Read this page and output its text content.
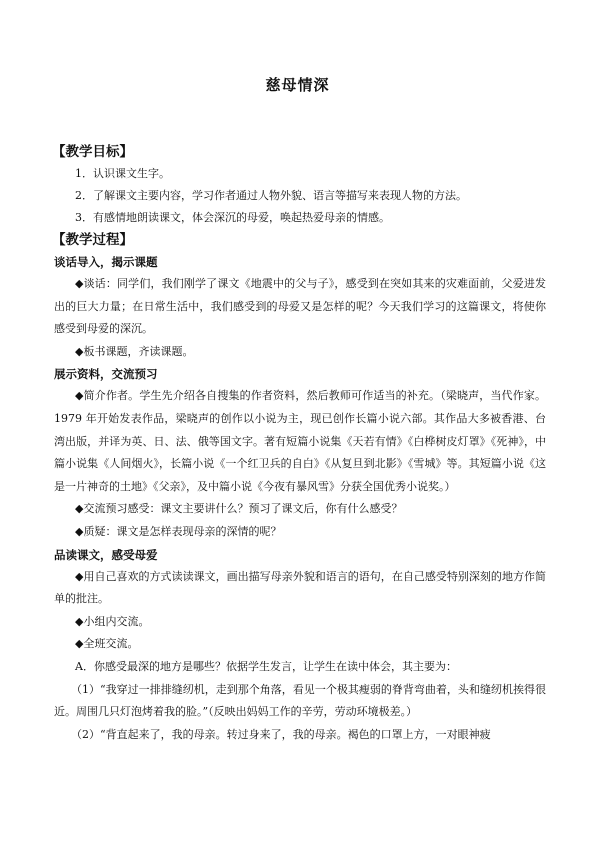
慈母情深
【教学目标】
1．认识课文生字。
2．了解课文主要内容，学习作者通过人物外貌、语言等描写来表现人物的方法。
3．有感情地朗读课文，体会深沉的母爱，唤起热爱母亲的情感。
【教学过程】
谈话导入，揭示课题
◆谈话：同学们，我们刚学了课文《地震中的父与子》，感受到在突如其来的灾难面前，父爱进发出的巨大力量；在日常生活中，我们感受到的母爱又是怎样的呢？今天我们学习的这篇课文，将使你感受到母爱的深沉。
◆板书课题，齐读课题。
展示资料，交流预习
◆简介作者。学生先介绍各自搜集的作者资料，然后教师可作适当的补充。（梁晓声，当代作家。1979 年开始发表作品，梁晓声的创作以小说为主，现已创作长篇小说六部。其作品大多被香港、台湾出版，并译为英、日、法、俄等国文字。著有短篇小说集《天若有情》《白桦树皮灯罩》《死神》，中篇小说集《人间烟火》，长篇小说《一个红卫兵的自白》《从复旦到北影》《雪城》等。其短篇小说《这是一片神奇的土地》《父亲》，及中篇小说《今夜有暴风雪》分获全国优秀小说奖。）
◆交流预习感受：课文主要讲什么？预习了课文后，你有什么感受？
◆质疑：课文是怎样表现母亲的深情的呢？
品读课文，感受母爱
◆用自己喜欢的方式读读课文，画出描写母亲外貌和语言的语句，在自己感受特别深刻的地方作简单的批注。
◆小组内交流。
◆全班交流。
A．你感受最深的地方是哪些？依据学生发言，让学生在读中体会，其主要为：
（1）“我穿过一排排缝纫机，走到那个角落，看见一个极其瘦弱的脊背弯曲着，头和缝纫机挨得很近。周围几只灯泡烤着我的脸。”（反映出妈妈工作的辛劳，劳动环境极差。）
（2）“背直起来了，我的母亲。转过身来了，我的母亲。褐色的口罩上方，一对眼神疲
